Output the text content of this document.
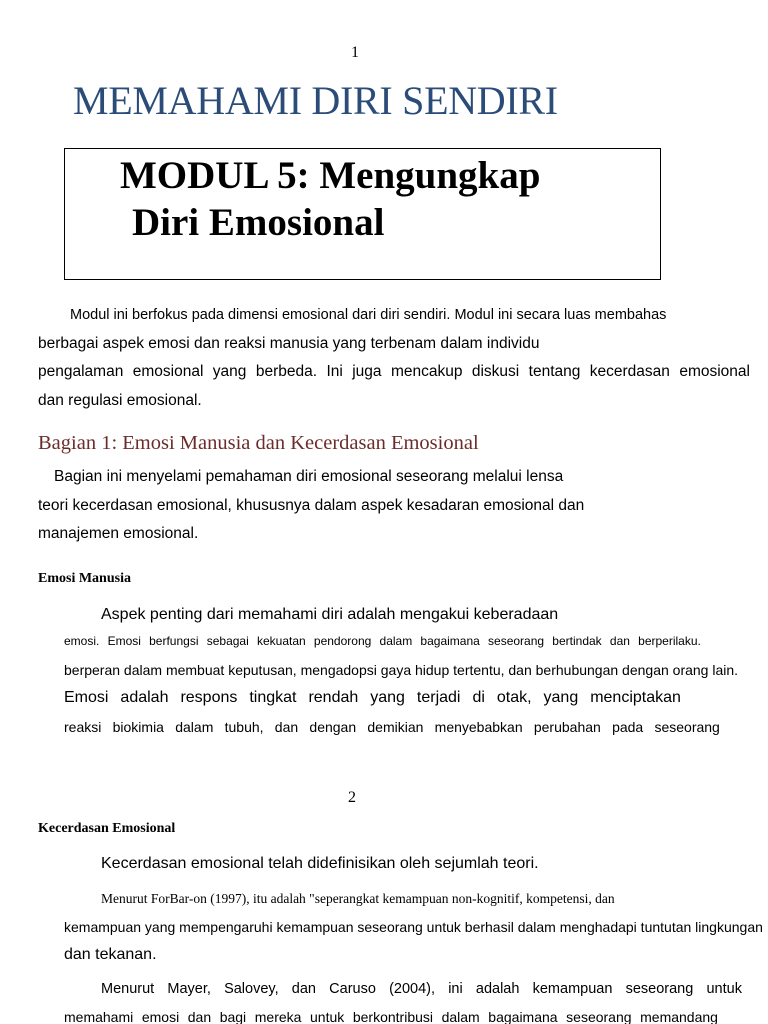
1
MEMAHAMI DIRI SENDIRI
MODUL 5: Mengungkap
Diri Emosional
Modul ini berfokus pada dimensi emosional dari diri sendiri. Modul ini secara luas membahas
berbagai aspek emosi dan reaksi manusia yang terbenam dalam individu
pengalaman emosional yang berbeda. Ini juga mencakup diskusi tentang kecerdasan emosional
dan regulasi emosional.
Bagian 1: Emosi Manusia dan Kecerdasan Emosional
Bagian ini menyelami pemahaman diri emosional seseorang melalui lensa
teori kecerdasan emosional, khususnya dalam aspek kesadaran emosional dan
manajemen emosional.
Emosi Manusia
Aspek penting dari memahami diri adalah mengakui keberadaan
emosi. Emosi berfungsi sebagai kekuatan pendorong dalam bagaimana seseorang bertindak dan berperilaku.
berperan dalam membuat keputusan, mengadopsi gaya hidup tertentu, dan berhubungan dengan orang lain.
Emosi adalah respons tingkat rendah yang terjadi di otak, yang menciptakan
reaksi biokimia dalam tubuh, dan dengan demikian menyebabkan perubahan pada seseorang
2
Kecerdasan Emosional
Kecerdasan emosional telah didefinisikan oleh sejumlah teori.
Menurut ForBar-on (1997), itu adalah "seperangkat kemampuan non-kognitif, kompetensi, dan
kemampuan yang mempengaruhi kemampuan seseorang untuk berhasil dalam menghadapi tuntutan lingkungan
dan tekanan.
Menurut Mayer, Salovey, dan Caruso (2004), ini adalah kemampuan seseorang untuk
memahami emosi dan bagi mereka untuk berkontribusi dalam bagaimana seseorang memandang
